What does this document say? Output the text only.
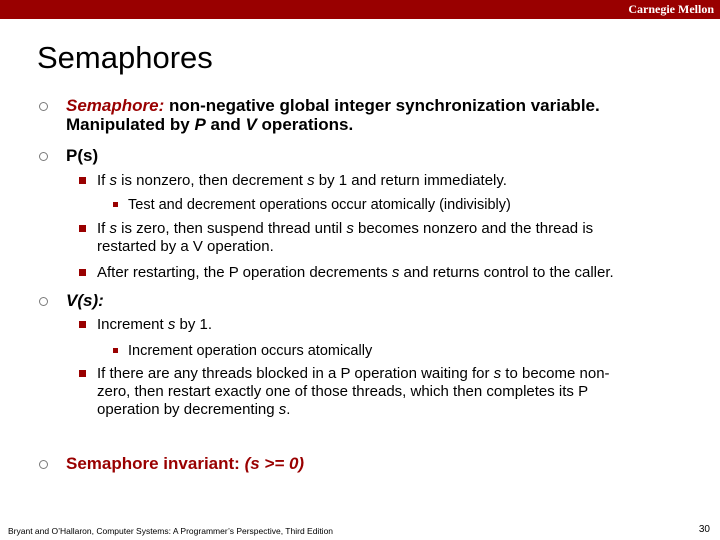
Carnegie Mellon
Semaphores
Semaphore: non-negative global integer synchronization variable.
Manipulated by P and V operations.
P(s)
If s is nonzero, then decrement s by 1 and return immediately.
Test and decrement operations occur atomically (indivisibly)
If s is zero, then suspend thread until s becomes nonzero and the thread is
restarted by a V operation.
After restarting, the P operation decrements s and returns control to the caller.
V(s):
Increment s by 1.
Increment operation occurs atomically
If there are any threads blocked in a P operation waiting for s to become non-
zero, then restart exactly one of those threads, which then completes its P
operation by decrementing s.
Semaphore invariant: (s >= 0)
Bryant and O’Hallaron, Computer Systems: A Programmer’s Perspective, Third Edition	30
